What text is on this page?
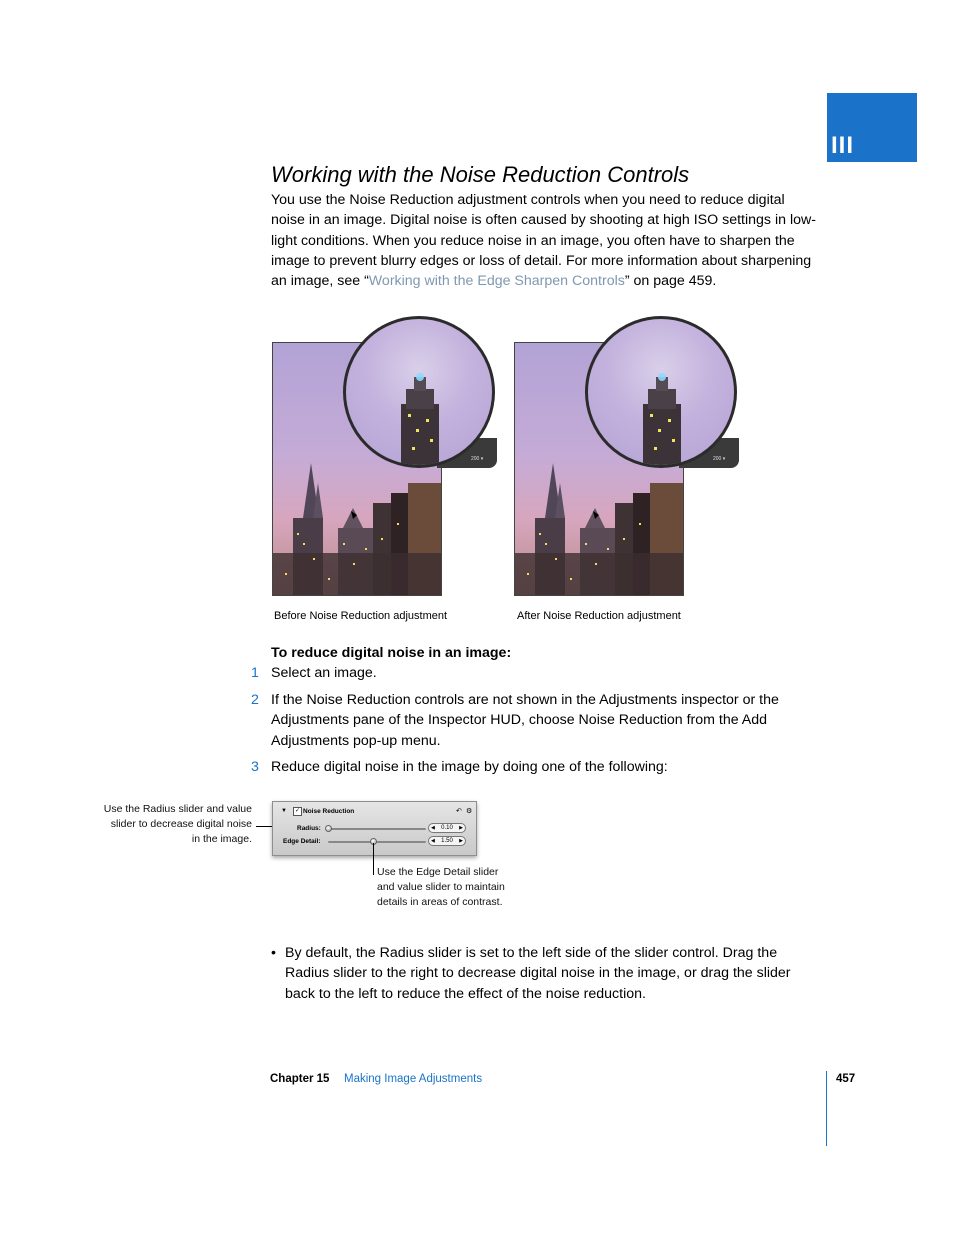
III
Working with the Noise Reduction Controls

You use the Noise Reduction adjustment controls when you need to reduce digital noise in an image. Digital noise is often caused by shooting at high ISO settings in low-light conditions. When you reduce noise in an image, you often have to sharpen the image to prevent blurry edges or loss of detail. For more information about sharpening an image, see “Working with the Edge Sharpen Controls” on page 459.

200 ▾	200 ▾
Before Noise Reduction adjustment	After Noise Reduction adjustment
To reduce digital noise in an image:
1 Select an image.
2 If the Noise Reduction controls are not shown in the Adjustments inspector or the Adjustments pane of the Inspector HUD, choose Noise Reduction from the Add Adjustments pop-up menu.
3 Reduce digital noise in the image by doing one of the following:
Use the Radius slider and value slider to decrease digital noise in the image.
▼	✓ Noise Reduction	↶ ⚙
Radius:	◀ 0.10 ▶
Edge Detail:	◀ 1.50 ▶
Use the Edge Detail slider and value slider to maintain details in areas of contrast.
• By default, the Radius slider is set to the left side of the slider control. Drag the Radius slider to the right to decrease digital noise in the image, or drag the slider back to the left to reduce the effect of the noise reduction.
Chapter 15 Making Image Adjustments	457
